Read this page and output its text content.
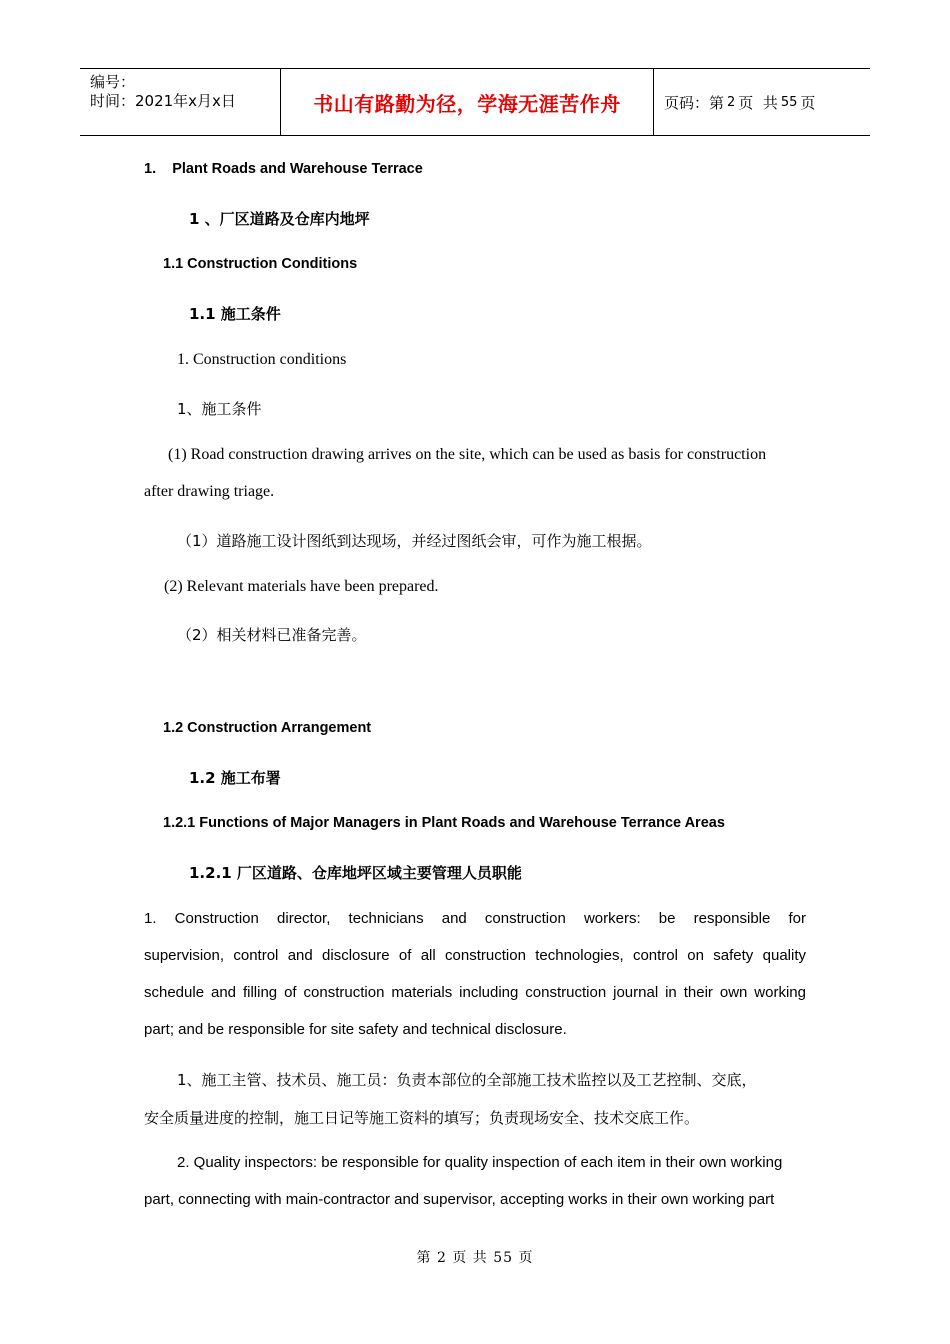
编号：
时间：2021年x月x日	书山有路勤为径，学海无涯苦作舟	页码：第 2 页  共 55 页
1.    Plant Roads and Warehouse Terrace
1 、厂区道路及仓库内地坪
1.1 Construction Conditions
1.1 施工条件
1. Construction conditions
1、施工条件
(1) Road construction drawing arrives on the site, which can be used as basis for construction
after drawing triage.
（1）道路施工设计图纸到达现场，并经过图纸会审，可作为施工根据。
(2) Relevant materials have been prepared.
（2）相关材料已准备完善。
1.2 Construction Arrangement
1.2 施工布署
1.2.1 Functions of Major Managers in Plant Roads and Warehouse Terrance Areas
1.2.1 厂区道路、仓库地坪区域主要管理人员职能
1. Construction director, technicians and construction workers: be responsible for
supervision, control and disclosure of all construction technologies, control on safety quality
schedule and filling of construction materials including construction journal in their own working
part; and be responsible for site safety and technical disclosure.
1、施工主管、技术员、施工员：负责本部位的全部施工技术监控以及工艺控制、交底，
安全质量进度的控制，施工日记等施工资料的填写；负责现场安全、技术交底工作。
2. Quality inspectors: be responsible for quality inspection of each item in their own working
part, connecting with main-contractor and supervisor, accepting works in their own working part
第 2 页 共 55 页
